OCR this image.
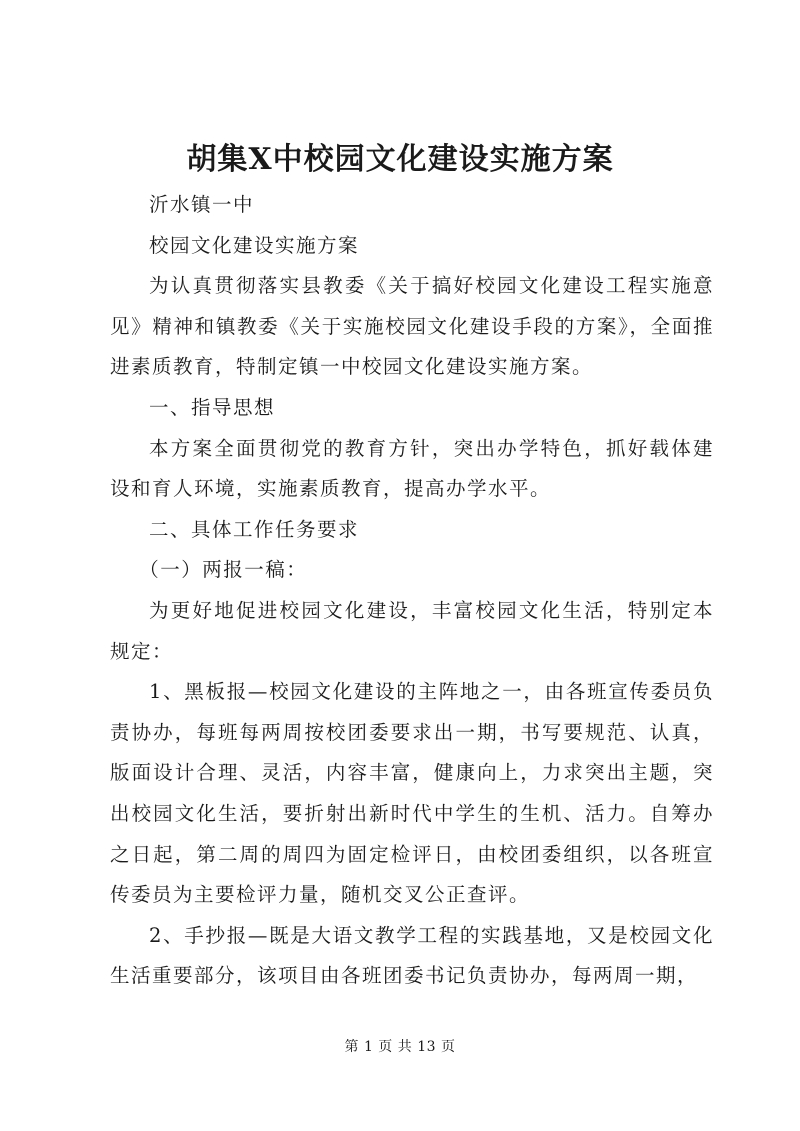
胡集X中校园文化建设实施方案

沂水镇一中

校园文化建设实施方案

为认真贯彻落实县教委《关于搞好校园文化建设工程实施意见》精神和镇教委《关于实施校园文化建设手段的方案》，全面推进素质教育，特制定镇一中校园文化建设实施方案。

一、指导思想

本方案全面贯彻党的教育方针，突出办学特色，抓好载体建设和育人环境，实施素质教育，提高办学水平。

二、具体工作任务要求

（一）两报一稿：

为更好地促进校园文化建设，丰富校园文化生活，特别定本规定：

1、黑板报—校园文化建设的主阵地之一，由各班宣传委员负责协办，每班每两周按校团委要求出一期，书写要规范、认真，版面设计合理、灵活，内容丰富，健康向上，力求突出主题，突出校园文化生活，要折射出新时代中学生的生机、活力。自筹办之日起，第二周的周四为固定检评日，由校团委组织，以各班宣传委员为主要检评力量，随机交叉公正查评。

2、手抄报—既是大语文教学工程的实践基地，又是校园文化生活重要部分，该项目由各班团委书记负责协办，每两周一期，

第 1 页 共 13 页
